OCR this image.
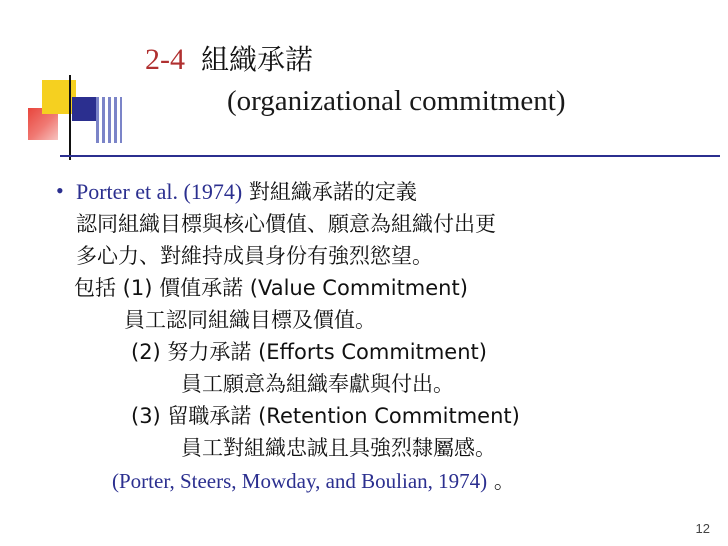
2-4 組織承諾
(organizational commitment)
• Porter et al. (1974) 對組織承諾的定義
認同組織目標與核心價值、願意為組織付出更
多心力、對維持成員身份有強烈慾望。
包括 (1) 價值承諾 (Value Commitment)
員工認同組織目標及價值。
(2) 努力承諾 (Efforts Commitment)
員工願意為組織奉獻與付出。
(3) 留職承諾 (Retention Commitment)
員工對組織忠誠且具強烈隸屬感。
(Porter, Steers, Mowday, and Boulian, 1974) 。
12
